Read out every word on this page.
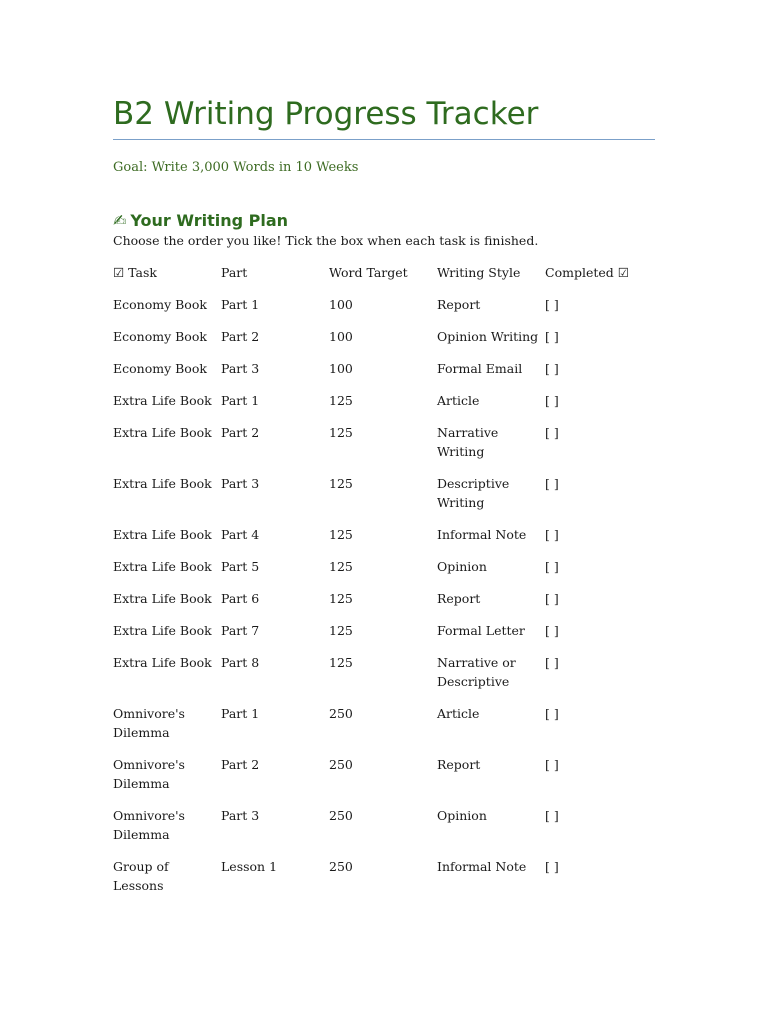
B2 Writing Progress Tracker
Goal: Write 3,000 Words in 10 Weeks
✍ Your Writing Plan
Choose the order you like! Tick the box when each task is finished.
☑ Task	Part	Word Target	Writing Style	Completed ☑
Economy Book	Part 1	100	Report	[ ]
Economy Book	Part 2	100	Opinion Writing	[ ]
Economy Book	Part 3	100	Formal Email	[ ]
Extra Life Book	Part 1	125	Article	[ ]
Extra Life Book	Part 2	125	Narrative Writing	[ ]
Extra Life Book	Part 3	125	Descriptive Writing	[ ]
Extra Life Book	Part 4	125	Informal Note	[ ]
Extra Life Book	Part 5	125	Opinion	[ ]
Extra Life Book	Part 6	125	Report	[ ]
Extra Life Book	Part 7	125	Formal Letter	[ ]
Extra Life Book	Part 8	125	Narrative or Descriptive	[ ]
Omnivore's Dilemma	Part 1	250	Article	[ ]
Omnivore's Dilemma	Part 2	250	Report	[ ]
Omnivore's Dilemma	Part 3	250	Opinion	[ ]
Group of Lessons	Lesson 1	250	Informal Note	[ ]
